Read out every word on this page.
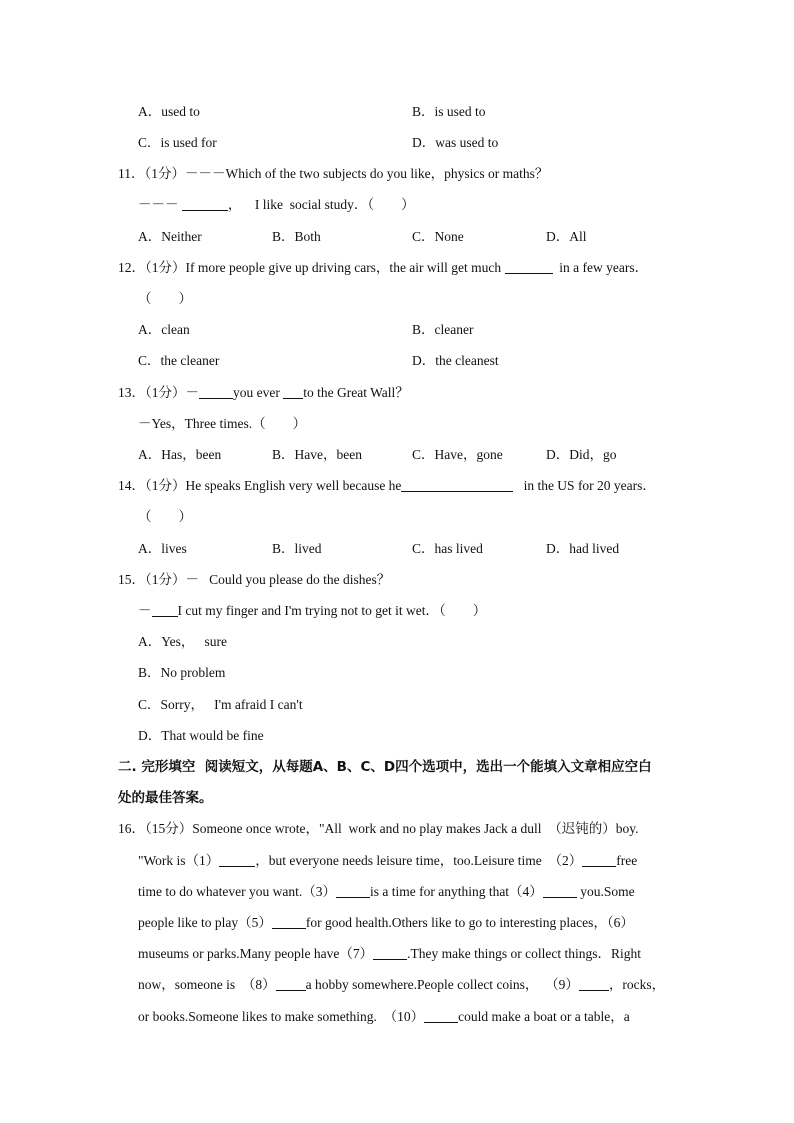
A．used to	B．is used to
C．is used for	D．was used to
11．（1分）－－－Which of the two subjects do you like，physics or maths？
－－－	，    I like  social study．（        ）
A．Neither	B．Both	C．None	D．All
12．（1分）If more people give up driving cars，the air will get much	in a few years．
（        ）
A．clean	B．cleaner
C．the cleaner	D．the cleanest
13．（1分）－	you ever to the Great Wall？
－Yes，Three times.（        ）
A．Has，been	B．Have，been	C．Have，gone	D．Did，go
14．（1分）He speaks English very well because he	in the US for 20 years．
（        ）
A．lives	B．lived	C．has lived	D．had lived
15．（1分）－   Could you please do the dishes？
－ I cut my finger and I'm trying not to get it wet．（        ）
A．Yes，   sure
B．No problem
C．Sorry，   I'm afraid I can't
D．That would be fine
二. 完形填空  阅读短文，从每题A、B、C、D四个选项中，选出一个能填入文章相应空白
处的最佳答案。
16．（15分）Someone once wrote，"All  work and no play makes Jack a dull  （迟钝的）boy.
"Work is（1）	，but everyone needs leisure time，too.Leisure time  （2）	free
time to do whatever you want.（3）	is a time for anything that（4）	you.Some
people like to play（5）	for good health.Others like to go to interesting places，（6）
museums or parks.Many people have（7）	.They make things or collect things．Right
now，someone is  （8） a hobby somewhere.People collect coins，  （9） ，rocks，
or books.Someone likes to make something.  （10）	could make a boat or a table，a
